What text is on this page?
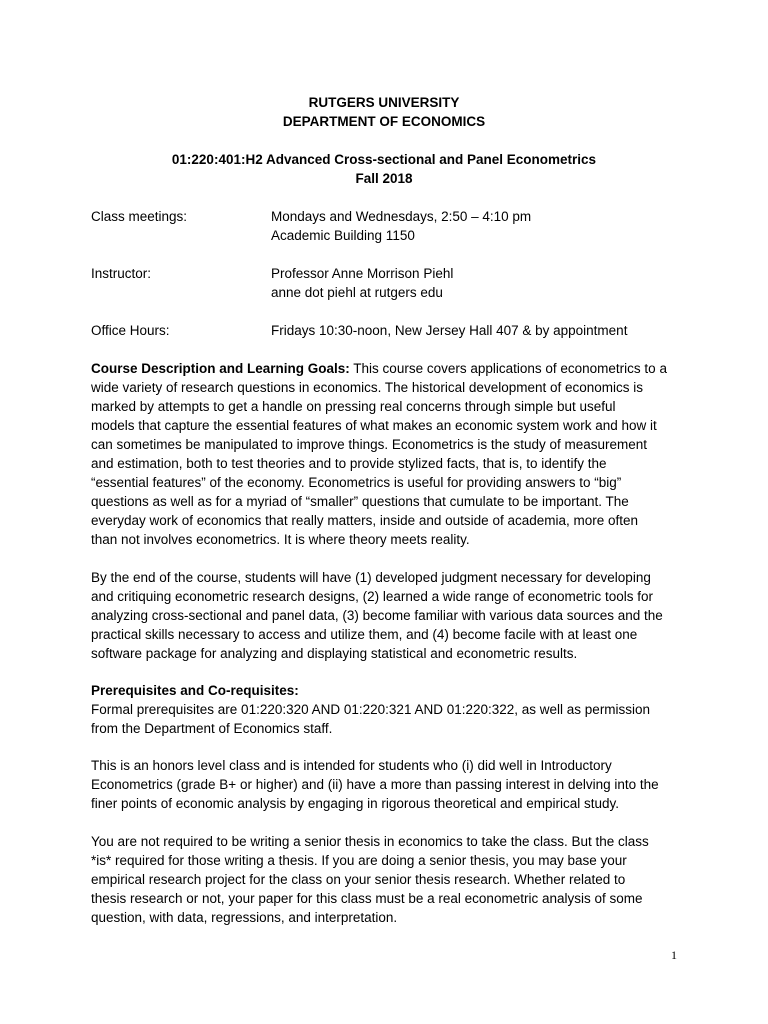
RUTGERS UNIVERSITY
DEPARTMENT OF ECONOMICS
01:220:401:H2 Advanced Cross-sectional and Panel Econometrics
Fall 2018
Class meetings:	Mondays and Wednesdays, 2:50 – 4:10 pm
Academic Building 1150
Instructor:	Professor Anne Morrison Piehl
anne dot piehl at rutgers edu
Office Hours:	Fridays 10:30-noon, New Jersey Hall 407 & by appointment
Course Description and Learning Goals: This course covers applications of econometrics to a
wide variety of research questions in economics. The historical development of economics is
marked by attempts to get a handle on pressing real concerns through simple but useful
models that capture the essential features of what makes an economic system work and how it
can sometimes be manipulated to improve things. Econometrics is the study of measurement
and estimation, both to test theories and to provide stylized facts, that is, to identify the
“essential features” of the economy. Econometrics is useful for providing answers to “big”
questions as well as for a myriad of “smaller” questions that cumulate to be important. The
everyday work of economics that really matters, inside and outside of academia, more often
than not involves econometrics. It is where theory meets reality.
By the end of the course, students will have (1) developed judgment necessary for developing
and critiquing econometric research designs, (2) learned a wide range of econometric tools for
analyzing cross-sectional and panel data, (3) become familiar with various data sources and the
practical skills necessary to access and utilize them, and (4) become facile with at least one
software package for analyzing and displaying statistical and econometric results.
Prerequisites and Co-requisites:
Formal prerequisites are 01:220:320 AND 01:220:321 AND 01:220:322, as well as permission
from the Department of Economics staff.
This is an honors level class and is intended for students who (i) did well in Introductory
Econometrics (grade B+ or higher) and (ii) have a more than passing interest in delving into the
finer points of economic analysis by engaging in rigorous theoretical and empirical study.
You are not required to be writing a senior thesis in economics to take the class. But the class
*is* required for those writing a thesis. If you are doing a senior thesis, you may base your
empirical research project for the class on your senior thesis research. Whether related to
thesis research or not, your paper for this class must be a real econometric analysis of some
question, with data, regressions, and interpretation.
1
